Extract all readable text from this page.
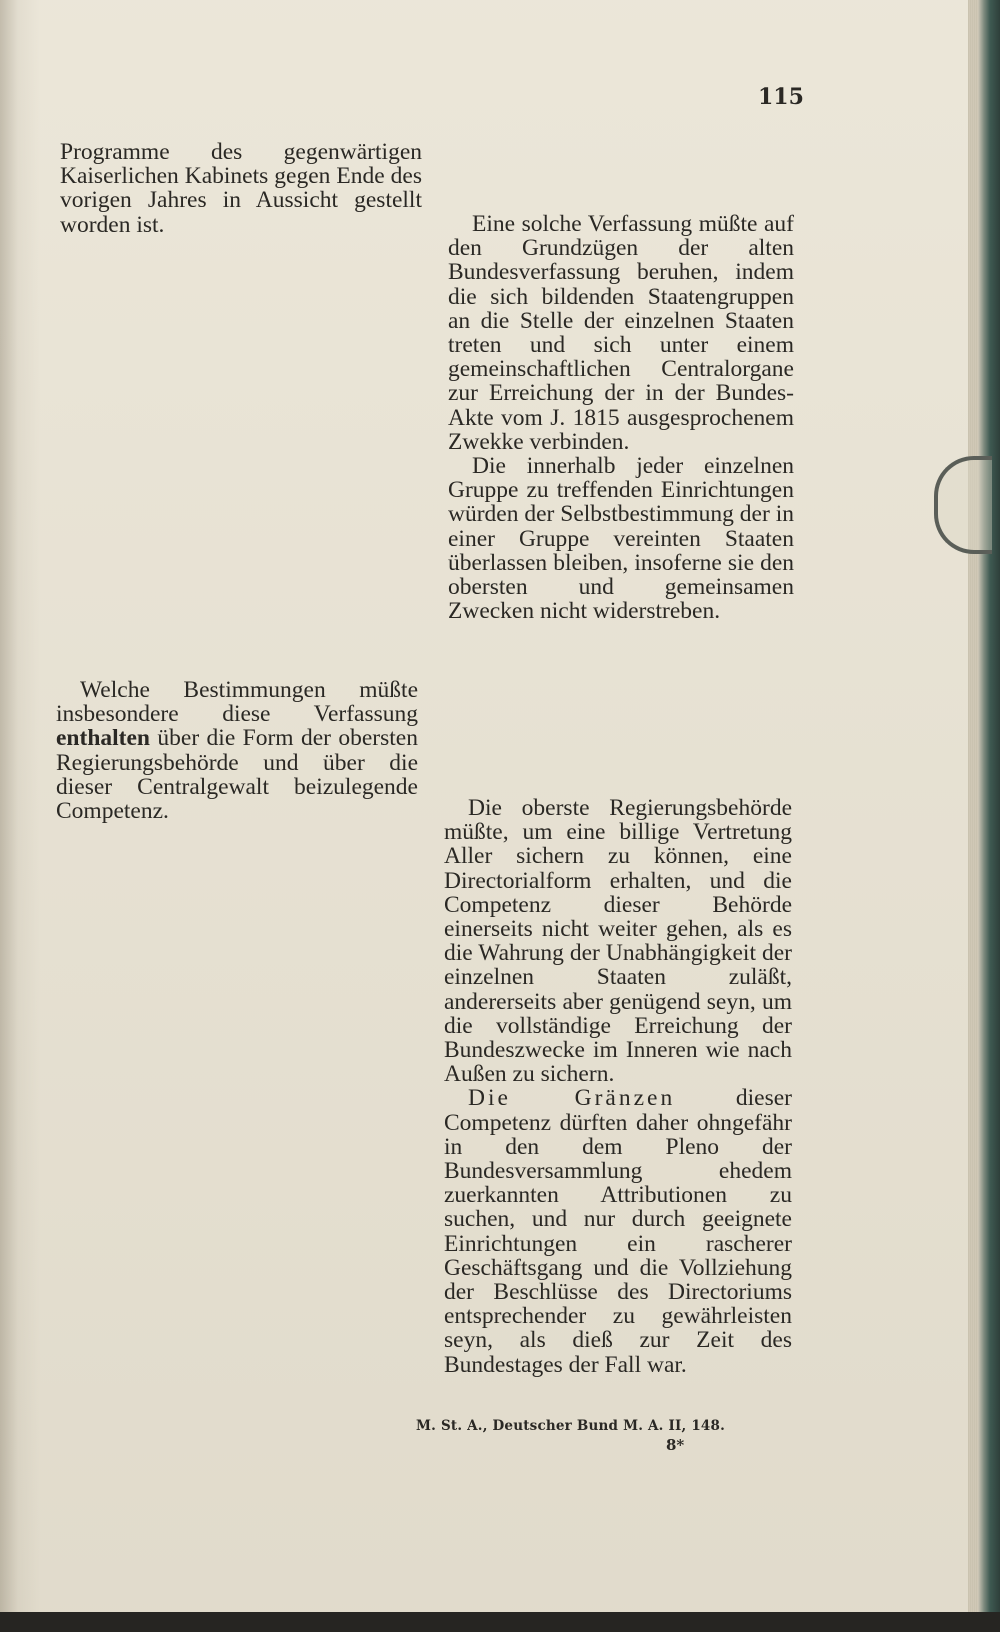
115

Programme des gegenwärtigen Kaiserlichen Kabinets gegen Ende des vorigen Jahres in Aussicht gestellt worden ist.

Welche Bestimmungen müßte insbesondere diese Verfassung enthalten über die Form der obersten Regierungsbehörde und über die dieser Centralgewalt beizulegende Competenz.

Eine solche Verfassung müßte auf den Grundzügen der alten Bundesverfassung beruhen, indem die sich bildenden Staatengruppen an die Stelle der einzelnen Staaten treten und sich unter einem gemeinschaftlichen Centralorgane zur Erreichung der in der Bundes-Akte vom J. 1815 ausgesprochenem Zwekke verbinden.

Die innerhalb jeder einzelnen Gruppe zu treffenden Einrichtungen würden der Selbstbestimmung der in einer Gruppe vereinten Staaten überlassen bleiben, insoferne sie den obersten und gemeinsamen Zwecken nicht widerstreben.

Die oberste Regierungsbehörde müßte, um eine billige Vertretung Aller sichern zu können, eine Directorialform erhalten, und die Competenz dieser Behörde einerseits nicht weiter gehen, als es die Wahrung der Unabhängigkeit der einzelnen Staaten zuläßt, andererseits aber genügend seyn, um die vollständige Erreichung der Bundeszwecke im Inneren wie nach Außen zu sichern.

Die Gränzen dieser Competenz dürften daher ohngefähr in den dem Pleno der Bundesversammlung ehedem zuerkannten Attributionen zu suchen, und nur durch geeignete Einrichtungen ein rascherer Geschäftsgang und die Vollziehung der Beschlüsse des Directoriums entsprechender zu gewährleisten seyn, als dieß zur Zeit des Bundestages der Fall war.

M. St. A., Deutscher Bund M. A. II, 148.
8*
